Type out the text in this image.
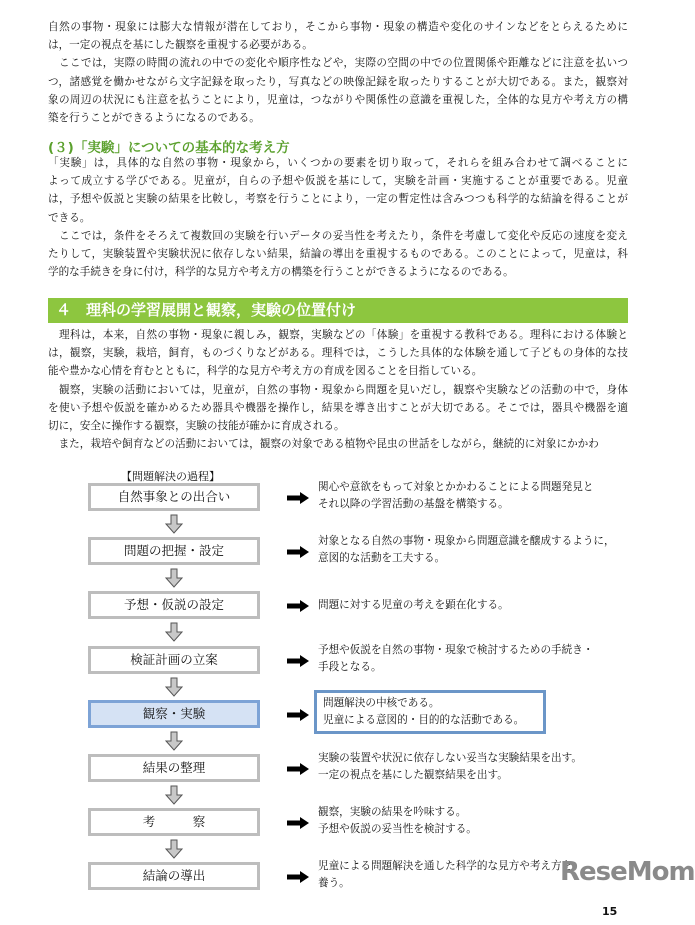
自然の事物・現象には膨大な情報が潜在しており，そこから事物・現象の構造や変化のサインなどをとらえるために
は，一定の視点を基にした観察を重視する必要がある。
　ここでは，実際の時間の流れの中での変化や順序性などや，実際の空間の中での位置関係や距離などに注意を払いつ
つ，諸感覚を働かせながら文字記録を取ったり，写真などの映像記録を取ったりすることが大切である。また，観察対
象の周辺の状況にも注意を払うことにより，児童は，つながりや関係性の意識を重視した，全体的な見方や考え方の構
築を行うことができるようになるのである。
(３)「実験」についての基本的な考え方
「実験」は，具体的な自然の事物・現象から，いくつかの要素を切り取って，それらを組み合わせて調べることに
よって成立する学びである。児童が，自らの予想や仮説を基にして，実験を計画・実施することが重要である。児童
は，予想や仮説と実験の結果を比較し，考察を行うことにより，一定の暫定性は含みつつも科学的な結論を得ることが
できる。
　ここでは，条件をそろえて複数回の実験を行いデータの妥当性を考えたり，条件を考慮して変化や反応の速度を変え
たりして，実験装置や実験状況に依存しない結果，結論の導出を重視するものである。このことによって，児童は，科
学的な手続きを身に付け，科学的な見方や考え方の構築を行うことができるようになるのである。
４　理科の学習展開と観察，実験の位置付け
　理科は，本来，自然の事物・現象に親しみ，観察，実験などの「体験」を重視する教科である。理科における体験と
は，観察，実験，栽培，飼育，ものづくりなどがある。理科では，こうした具体的な体験を通して子どもの身体的な技
能や豊かな心情を育むとともに，科学的な見方や考え方の育成を図ることを目指している。
　観察，実験の活動においては，児童が，自然の事物・現象から問題を見いだし，観察や実験などの活動の中で，身体
を使い予想や仮説を確かめるため器具や機器を操作し，結果を導き出すことが大切である。そこでは，器具や機器を適
切に，安全に操作する観察，実験の技能が確かに育成される。
　また，栽培や飼育などの活動においては，観察の対象である植物や昆虫の世話をしながら，継続的に対象にかかわ
【問題解決の過程】
自然事象との出合い
関心や意欲をもって対象とかかわることによる問題発見と
それ以降の学習活動の基盤を構築する。
問題の把握・設定
対象となる自然の事物・現象から問題意識を醸成するように，
意図的な活動を工夫する。
予想・仮説の設定	問題に対する児童の考えを顕在化する。
検証計画の立案
予想や仮説を自然の事物・現象で検討するための手続き・
手段となる。
観察・実験
問題解決の中核である。
児童による意図的・目的的な活動である。
結果の整理
実験の装置や状況に依存しない妥当な実験結果を出す。
一定の視点を基にした観察結果を出す。
考　　　察
観察，実験の結果を吟味する。
予想や仮説の妥当性を検討する。
結論の導出
児童による問題解決を通した科学的な見方や考え方を
養う。	ReseMom
15
